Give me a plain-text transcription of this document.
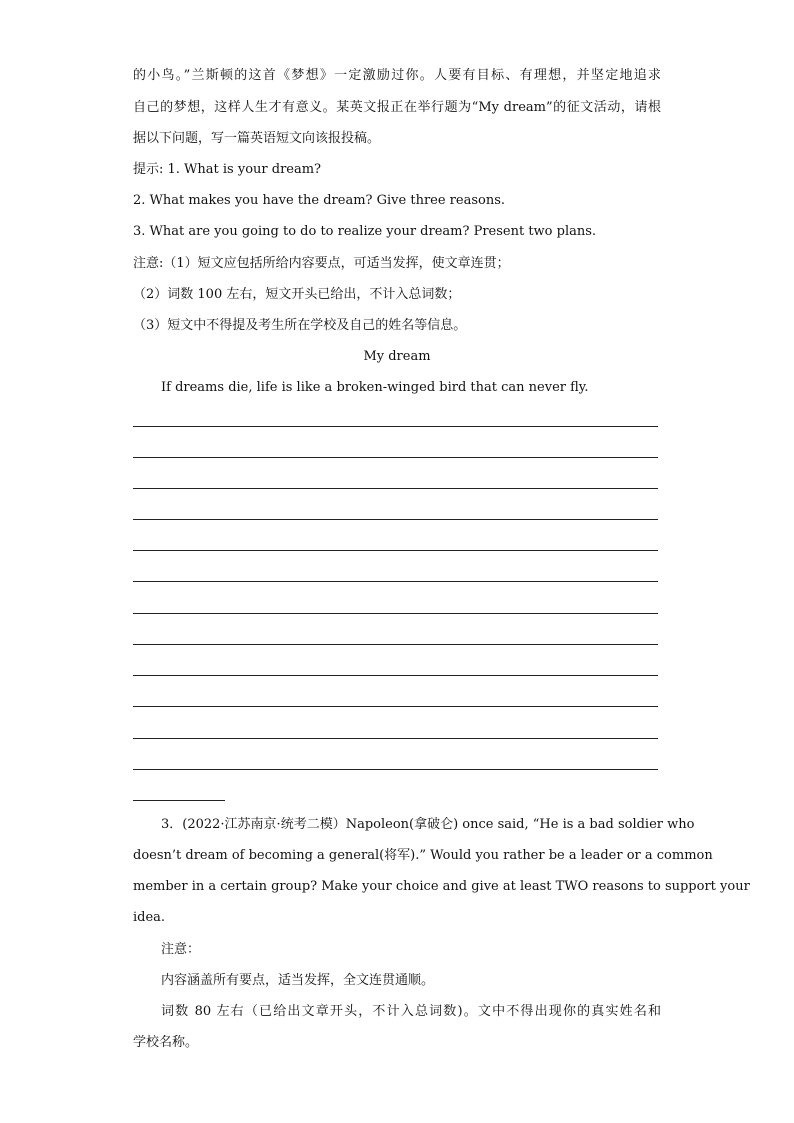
的小鸟。”兰斯顿的这首《梦想》一定激励过你。人要有目标、有理想，并坚定地追求
自己的梦想，这样人生才有意义。某英文报正在举行题为“My dream”的征文活动，请根
据以下问题，写一篇英语短文向该报投稿。
提示: 1. What is your dream?
2. What makes you have the dream? Give three reasons.
3. What are you going to do to realize your dream? Present two plans.
注意:（1）短文应包括所给内容要点，可适当发挥，使文章连贯；
（2）词数 100 左右，短文开头已给出，不计入总词数；
（3）短文中不得提及考生所在学校及自己的姓名等信息。
My dream
If dreams die, life is like a broken-winged bird that can never fly.
3．(2022·江苏南京·统考二模）Napoleon(拿破仑) once said, “He is a bad soldier who
doesn’t dream of becoming a general(将军).” Would you rather be a leader or a common
member in a certain group? Make your choice and give at least TWO reasons to support your
idea.
注意：
内容涵盖所有要点，适当发挥，全文连贯通顺。
词数 80 左右（已给出文章开头，不计入总词数)。文中不得出现你的真实姓名和
学校名称。
